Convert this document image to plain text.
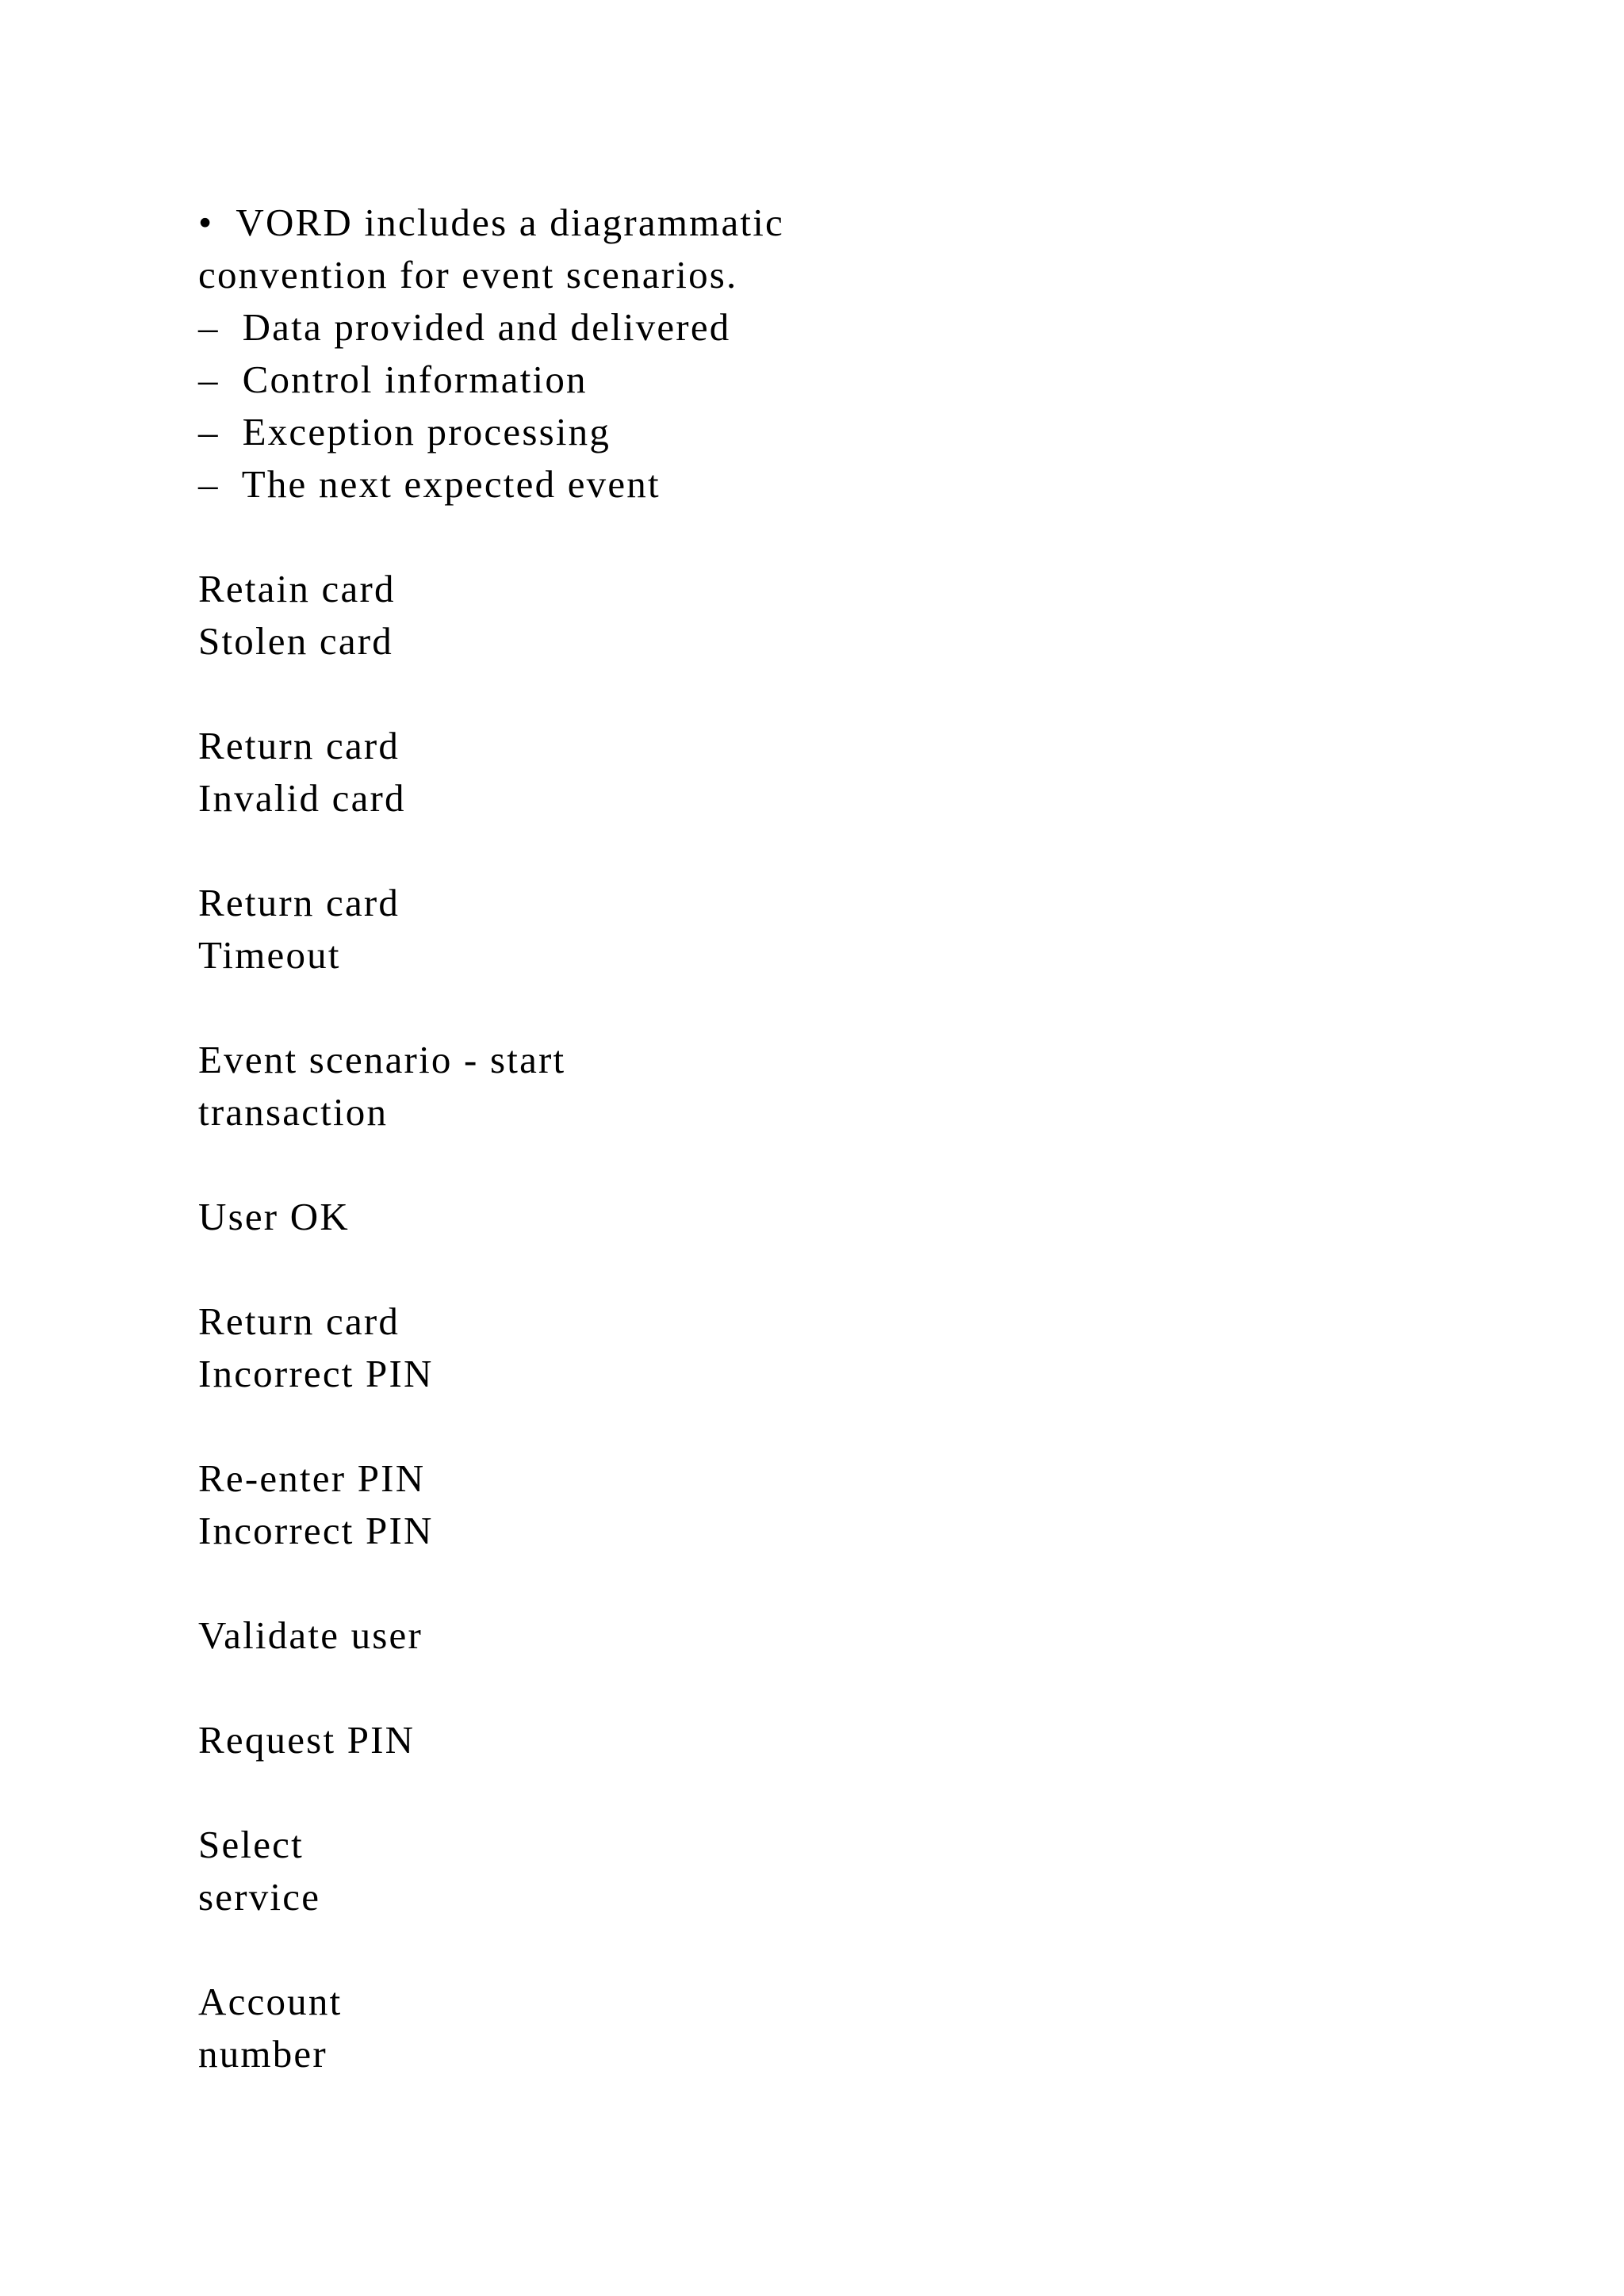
•  VORD includes a diagrammatic
convention for event scenarios.
–  Data provided and delivered
–  Control information
–  Exception processing
–  The next expected event
Retain card
Stolen card
Return card
Invalid card
Return card
Timeout
Event scenario - start
transaction
User OK
Return card
Incorrect PIN
Re-enter PIN
Incorrect PIN
Validate user
Request PIN
Select
service
Account
number
